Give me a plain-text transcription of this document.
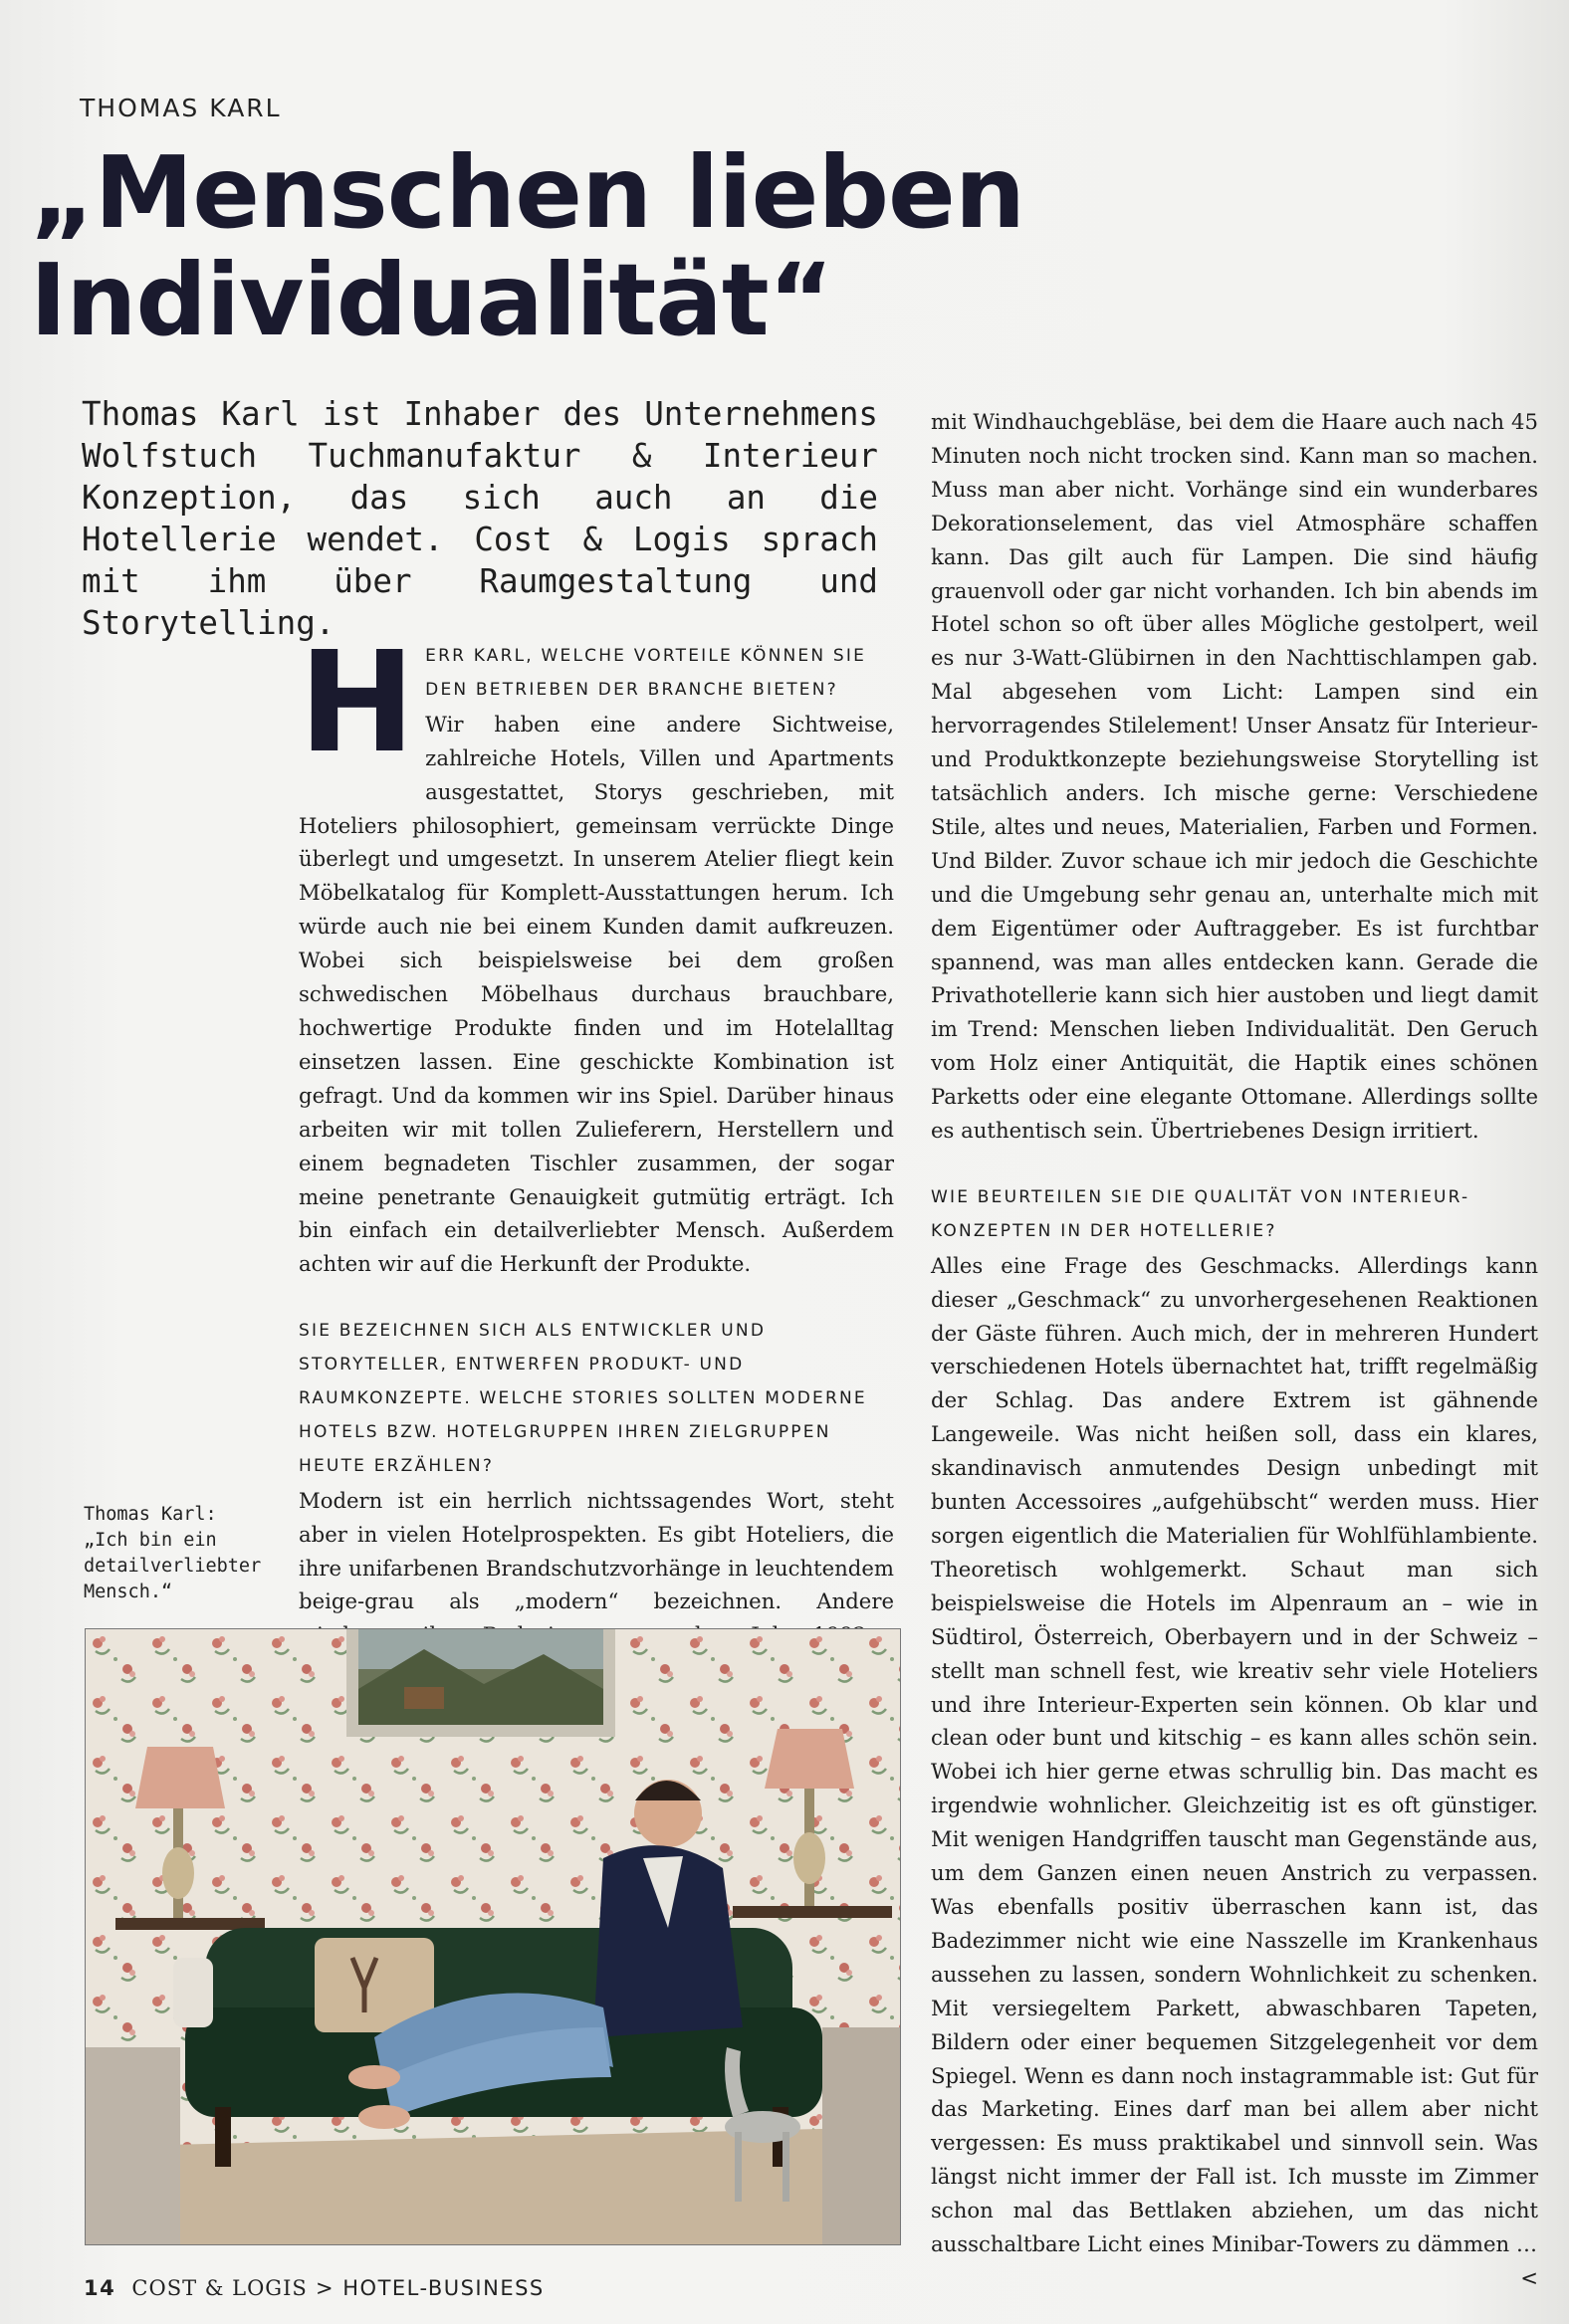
THOMAS KARL
„Menschen lieben
Individualität“

Thomas Karl ist Inhaber des Unternehmens Wolfstuch Tuchmanufaktur & Interieur Konzeption, das sich auch an die Hotellerie wendet. Cost & Logis sprach mit ihm über Raumgestaltung und Storytelling.

H ERR KARL, WELCHE VORTEILE KÖNNEN SIE DEN BETRIEBEN DER BRANCHE BIETEN?

Wir haben eine andere Sichtweise, zahlreiche Hotels, Villen und Apartments ausgestattet, Storys geschrieben, mit Hoteliers philosophiert, gemeinsam verrückte Dinge überlegt und umgesetzt. In unserem Atelier fliegt kein Möbelkatalog für Komplett-Ausstattungen herum. Ich würde auch nie bei einem Kunden damit aufkreuzen. Wobei sich beispielsweise bei dem großen schwedischen Möbelhaus durchaus brauchbare, hochwertige Produkte finden und im Hotelalltag einsetzen lassen. Eine geschickte Kombination ist gefragt. Und da kommen wir ins Spiel. Darüber hinaus arbeiten wir mit tollen Zulieferern, Herstellern und einem begnadeten Tischler zusammen, der sogar meine penetrante Genauigkeit gutmütig erträgt. Ich bin einfach ein detailverliebter Mensch. Außerdem achten wir auf die Herkunft der Produkte.

SIE BEZEICHNEN SICH ALS ENTWICKLER UND STORYTELLER, ENTWERFEN PRODUKT- UND RAUMKONZEPTE. WELCHE STORIES SOLLTEN MODERNE HOTELS BZW. HOTELGRUPPEN IHREN ZIELGRUPPEN HEUTE ERZÄHLEN?

Modern ist ein herrlich nichtssagendes Wort, steht aber in vielen Hotelprospekten. Es gibt Hoteliers, die ihre unifarbenen Brandschutzvorhänge in leuchtendem beige-grau als „modern“ bezeichnen. Andere

mit Windhauchgebläse, bei dem die Haare auch nach 45 Minuten noch nicht trocken sind. Kann man so machen. Muss man aber nicht. Vorhänge sind ein wunderbares Dekorationselement, das viel Atmosphäre schaffen kann. Das gilt auch für Lampen. Die sind häufig grauenvoll oder gar nicht vorhanden. Ich bin abends im Hotel schon so oft über alles Mögliche gestolpert, weil es nur 3-Watt-Glübirnen in den Nachttischlampen gab. Mal abgesehen vom Licht: Lampen sind ein hervorragendes Stilelement! Unser Ansatz für Interieur- und Produktkonzepte beziehungsweise Storytelling ist tatsächlich anders. Ich mische gerne: Verschiedene Stile, altes und neues, Materialien, Farben und Formen. Und Bilder. Zuvor schaue ich mir jedoch die Geschichte und die Umgebung sehr genau an, unterhalte mich mit dem Eigentümer oder Auftraggeber. Es ist furchtbar spannend, was man alles entdecken kann. Gerade die Privathotellerie kann sich hier austoben und liegt damit im Trend: Menschen lieben Individualität. Den Geruch vom Holz einer Antiquität, die Haptik eines schönen Parketts oder eine elegante Ottomane. Allerdings sollte es authentisch sein. Übertriebenes Design irritiert.

WIE BEURTEILEN SIE DIE QUALITÄT VON INTERIEUR-KONZEPTEN IN DER HOTELLERIE?

Alles eine Frage des Geschmacks. Allerdings kann dieser „Geschmack“ zu unvorhergesehenen Reaktionen der Gäste führen. Auch mich, der in mehreren Hundert verschiedenen Hotels übernachtet hat, trifft regelmäßig der Schlag. Das andere Extrem ist gähnende Langeweile. Was nicht heißen soll, dass ein klares, skandinavisch anmutendes Design unbedingt mit bunten Accessoires „aufgehübscht“ werden muss. Hier sorgen eigentlich die Materialien für Wohlfühlambiente. Theoretisch wohlgemerkt. Schaut man sich beispielsweise die Hotels im Alpenraum an – wie in Südtirol, Österreich, Oberbayern und in der Schweiz – stellt man schnell fest, wie kreativ sehr viele Hoteliers und ihre Interieur-Experten sein können. Ob klar und clean oder bunt und kitschig – es kann alles schön sein. Wobei ich hier gerne etwas schrullig bin. Das macht es irgendwie wohnlicher. Gleichzeitig ist es oft günstiger. Mit wenigen Handgriffen tauscht man Gegenstände aus, um dem Ganzen einen neuen Anstrich zu verpassen. Was ebenfalls positiv überraschen kann ist, das Badezimmer nicht wie eine Nasszelle im Krankenhaus aussehen zu lassen, sondern Wohnlichkeit zu schenken. Mit versiegeltem Parkett, abwaschbaren Tapeten, Bildern oder einer bequemen Sitzgelegenheit vor dem Spiegel. Wenn es dann noch instagrammable ist: Gut für das Marketing. Eines darf man bei allem aber nicht vergessen: Es muss praktikabel und sinnvoll sein. Was längst nicht immer der Fall ist. Ich musste im Zimmer schon mal das Bettlaken abziehen, um das nicht ausschaltbare Licht eines Minibar-Towers zu dämmen …
<

Thomas Karl:
„Ich bin ein
detailverliebter
Mensch.“
14 COST & LOGIS > HOTEL-BUSINESS
